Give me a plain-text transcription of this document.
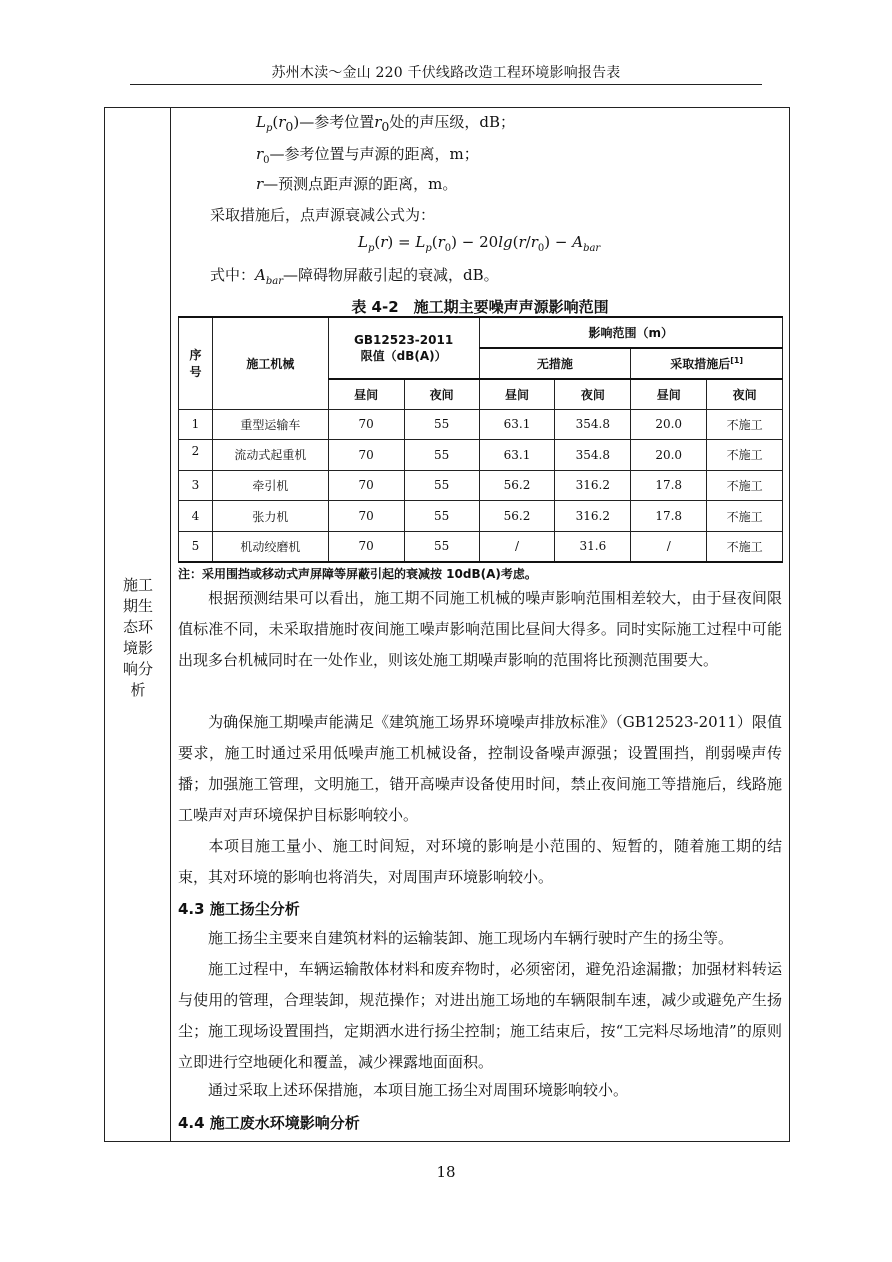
苏州木渎～金山 220 千伏线路改造工程环境影响报告表
施工
期生
态环
境影
响分
析
$L_p(r_0)—$参考位置$r_0$处的声压级，dB；
$r_0—$参考位置与声源的距离，m；
r—预测点距声源的距离，m。
采取措施后，点声源衰减公式为：
$L_p(r) = L_p(r_0) - 20\lg(r/r_0) - A_{bar}$
式中：$A_{bar}—$障碍物屏蔽引起的衰减，dB。
表 4-2　施工期主要噪声声源影响范围
序号	施工机械	GB12523-2011 限值（dB(A)）		影响范围（m）			
				无措施		采取措施后[1]
		昼间	夜间	昼间	夜间	昼间	夜间
1	重型运输车	70	55	63.1	354.8	20.0	不施工
2	流动式起重机	70	55	63.1	354.8	20.0	不施工
3	牵引机	70	55	56.2	316.2	17.8	不施工
4	张力机	70	55	56.2	316.2	17.8	不施工
5	机动绞磨机	70	55	/	31.6	/	不施工
注：采用围挡或移动式声屏障等屏蔽引起的衰减按 10dB(A)考虑。
根据预测结果可以看出，施工期不同施工机械的噪声影响范围相差较大，由于昼夜间限值标准不同，未采取措施时夜间施工噪声影响范围比昼间大得多。同时实际施工过程中可能出现多台机械同时在一处作业，则该处施工期噪声影响的范围将比预测范围要大。
为确保施工期噪声能满足《建筑施工场界环境噪声排放标准》（GB12523-2011）限值要求，施工时通过采用低噪声施工机械设备，控制设备噪声源强；设置围挡，削弱噪声传播；加强施工管理，文明施工，错开高噪声设备使用时间，禁止夜间施工等措施后，线路施工噪声对声环境保护目标影响较小。
本项目施工量小、施工时间短，对环境的影响是小范围的、短暂的，随着施工期的结束，其对环境的影响也将消失，对周围声环境影响较小。
4.3 施工扬尘分析
施工扬尘主要来自建筑材料的运输装卸、施工现场内车辆行驶时产生的扬尘等。
施工过程中，车辆运输散体材料和废弃物时，必须密闭，避免沿途漏撒；加强材料转运与使用的管理，合理装卸，规范操作；对进出施工场地的车辆限制车速，减少或避免产生扬尘；施工现场设置围挡，定期洒水进行扬尘控制；施工结束后，按“工完料尽场地清”的原则立即进行空地硬化和覆盖，减少裸露地面面积。
通过采取上述环保措施，本项目施工扬尘对周围环境影响较小。
4.4 施工废水环境影响分析
18
